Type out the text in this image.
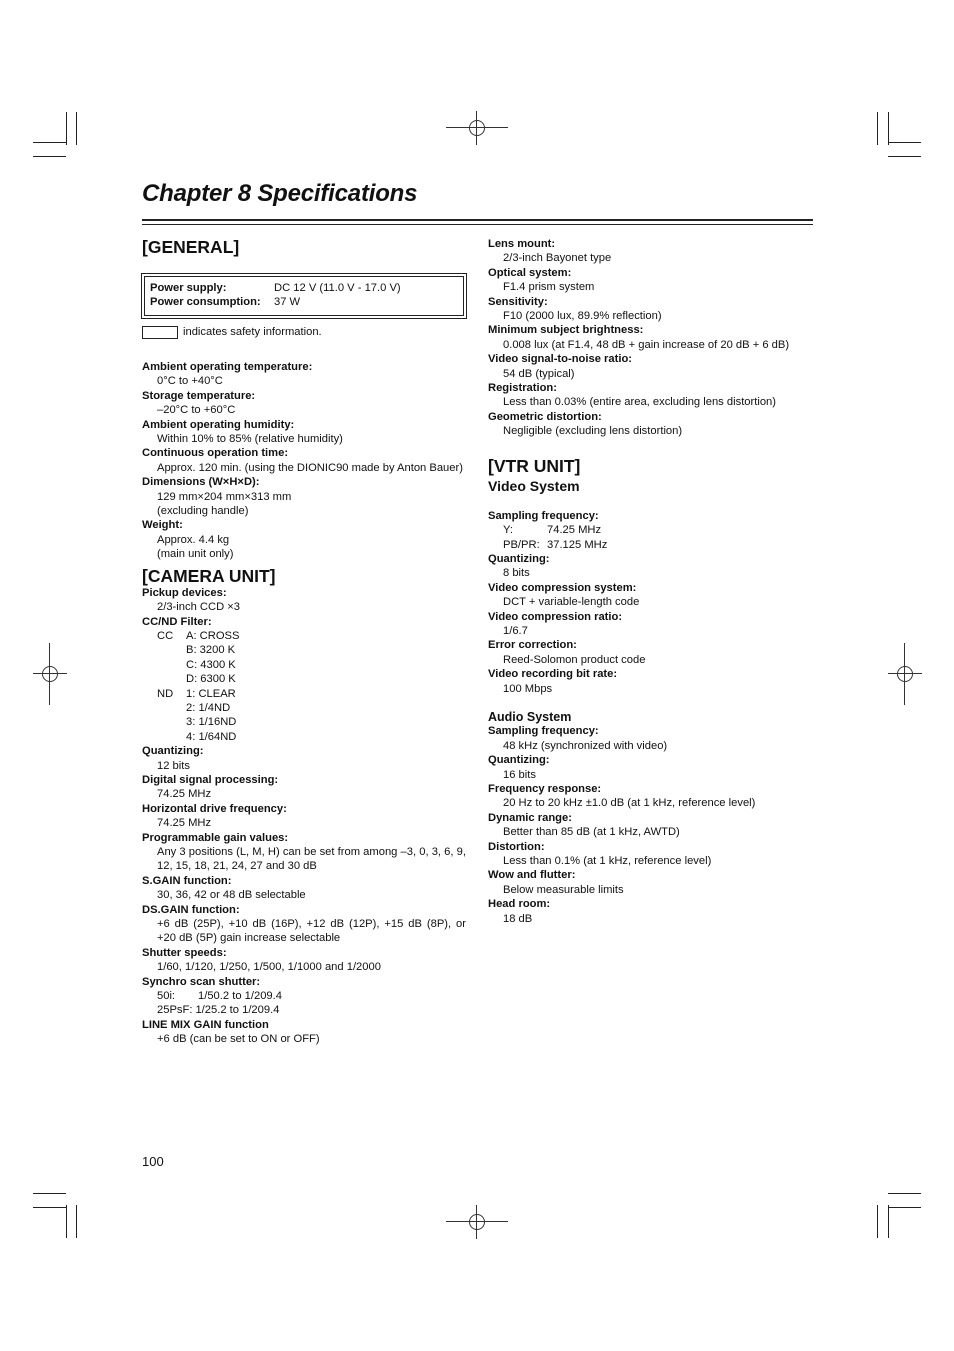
Chapter 8 Specifications
[GENERAL]
Power supply:	DC 12 V (11.0 V - 17.0 V)
Power consumption: 37 W
indicates safety information.
Ambient operating temperature:
0°C to +40°C
Storage temperature:
–20°C to +60°C
Ambient operating humidity:
Within 10% to 85% (relative humidity)
Continuous operation time:
Approx. 120 min. (using the DIONIC90 made by Anton Bauer)
Dimensions (W×H×D):
129 mm×204 mm×313 mm
(excluding handle)
Weight:
Approx. 4.4 kg
(main unit only)
[CAMERA UNIT]
Pickup devices:
2/3-inch CCD ×3
CC/ND Filter:
CC	A: CROSS
B: 3200 K
C: 4300 K
D: 6300 K
ND	1: CLEAR
2: 1/4ND
3: 1/16ND
4: 1/64ND
Quantizing:
12 bits
Digital signal processing:
74.25 MHz
Horizontal drive frequency:
74.25 MHz
Programmable gain values:
Any 3 positions (L, M, H) can be set from among –3, 0, 3, 6, 9, 12, 15, 18, 21, 24, 27 and 30 dB
S.GAIN function:
30, 36, 42 or 48 dB selectable
DS.GAIN function:
+6 dB (25P), +10 dB (16P), +12 dB (12P), +15 dB (8P), or +20 dB (5P) gain increase selectable
Shutter speeds:
1/60, 1/120, 1/250, 1/500, 1/1000 and 1/2000
Synchro scan shutter:
50i:	1/50.2 to 1/209.4
25PsF: 1/25.2 to 1/209.4
LINE MIX GAIN function
+6 dB (can be set to ON or OFF)
Lens mount:
2/3-inch Bayonet type
Optical system:
F1.4 prism system
Sensitivity:
F10 (2000 lux, 89.9% reflection)
Minimum subject brightness:
0.008 lux (at F1.4, 48 dB + gain increase of 20 dB + 6 dB)
Video signal-to-noise ratio:
54 dB (typical)
Registration:
Less than 0.03% (entire area, excluding lens distortion)
Geometric distortion:
Negligible (excluding lens distortion)
[VTR UNIT]
Video System
Sampling frequency:
Y:	74.25 MHz
PB/PR: 37.125 MHz
Quantizing:
8 bits
Video compression system:
DCT + variable-length code
Video compression ratio:
1/6.7
Error correction:
Reed-Solomon product code
Video recording bit rate:
100 Mbps
Audio System
Sampling frequency:
48 kHz (synchronized with video)
Quantizing:
16 bits
Frequency response:
20 Hz to 20 kHz ±1.0 dB (at 1 kHz, reference level)
Dynamic range:
Better than 85 dB (at 1 kHz, AWTD)
Distortion:
Less than 0.1% (at 1 kHz, reference level)
Wow and flutter:
Below measurable limits
Head room:
18 dB
100
